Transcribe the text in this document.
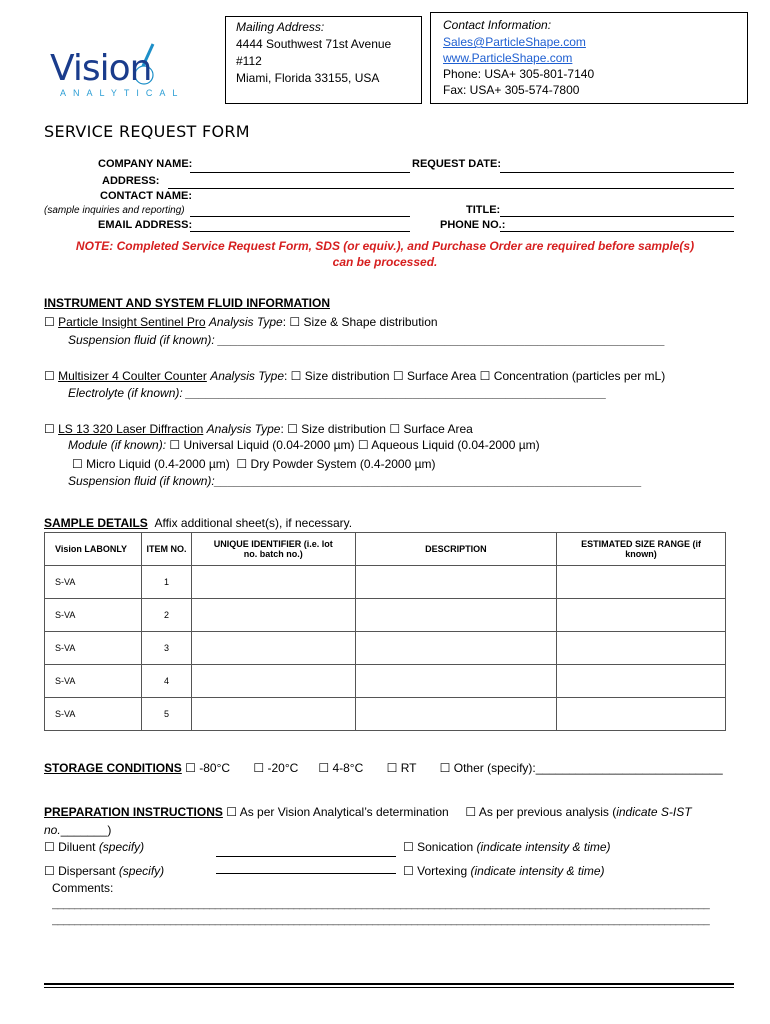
Vision
ANALYTICAL
Mailing Address:
4444 Southwest 71st Avenue
#112
Miami, Florida 33155, USA
Contact Information:
Sales@ParticleShape.com
www.ParticleShape.com
Phone: USA+ 305-801-7140
Fax: USA+ 305-574-7800
SERVICE REQUEST FORM
COMPANY NAME:	REQUEST DATE:
ADDRESS:
CONTACT NAME:
(sample inquiries and reporting)	TITLE:
EMAIL ADDRESS:	PHONE NO.:
NOTE: Completed Service Request Form, SDS (or equiv.), and Purchase Order are required before sample(s)
can be processed.
INSTRUMENT AND SYSTEM FLUID INFORMATION
☐ Particle Insight Sentinel Pro Analysis Type: ☐ Size & Shape distribution
Suspension fluid (if known): ___________________________________________________________________
☐ Multisizer 4 Coulter Counter Analysis Type: ☐ Size distribution ☐ Surface Area ☐ Concentration (particles per mL)
Electrolyte (if known): _______________________________________________________________
☐ LS 13 320 Laser Diffraction Analysis Type: ☐ Size distribution ☐ Surface Area
Module (if known): ☐ Universal Liquid (0.04-2000 µm) ☐ Aqueous Liquid (0.04-2000 µm)
☐ Micro Liquid (0.4-2000 µm) ☐ Dry Powder System (0.4-2000 µm)
Suspension fluid (if known):________________________________________________________________
SAMPLE DETAILS Affix additional sheet(s), if necessary.
Vision LABONLY	ITEM NO.	UNIQUE IDENTIFIER (i.e. lot no. batch no.)	DESCRIPTION	ESTIMATED SIZE RANGE (if known)
S-VA	1			
S-VA	2			
S-VA	3			
S-VA	4			
S-VA	5			
STORAGE CONDITIONS ☐ -80°C ☐ -20°C ☐ 4-8°C ☐ RT ☐ Other (specify):____________________________
PREPARATION INSTRUCTIONS ☐ As per Vision Analytical’s determination ☐ As per previous analysis (indicate S-IST
no._______)
☐ Diluent (specify)	☐ Sonication (indicate intensity & time)
☐ Dispersant (specify)	☐ Vortexing (indicate intensity & time)
Comments:
_____________________________________________________________________________________________________________________
_____________________________________________________________________________________________________________________
